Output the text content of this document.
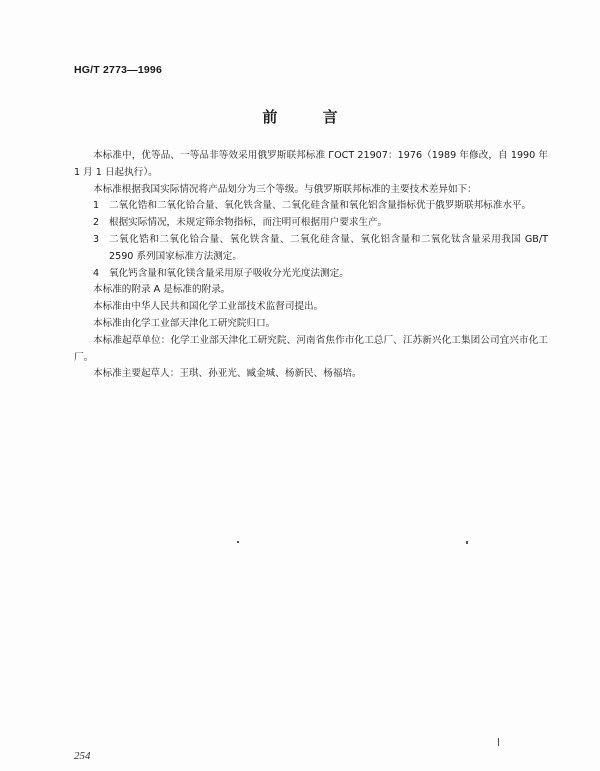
HG/T 2773—1996
前 言

本标准中，优等品、一等品非等效采用俄罗斯联邦标准 ГОСТ 21907：1976（1989 年修改，自 1990 年 1 月 1 日起执行）。

本标准根据我国实际情况将产品划分为三个等级。与俄罗斯联邦标准的主要技术差异如下：

1	二氧化锆和二氧化铪合量、氧化铁含量、二氧化硅含量和氧化铝含量指标优于俄罗斯联邦标准水平。
2	根据实际情况，未规定筛余物指标，而注明可根据用户要求生产。
3	二氧化锆和二氧化铪合量、氧化铁含量、二氧化硅含量、氧化铝含量和二氧化钛含量采用我国 GB/T 2590 系列国家标准方法测定。
4	氧化钙含量和氧化镁含量采用原子吸收分光光度法测定。

本标准的附录 A 是标准的附录。

本标准由中华人民共和国化学工业部技术监督司提出。

本标准由化学工业部天津化工研究院归口。

本标准起草单位：化学工业部天津化工研究院、河南省焦作市化工总厂、江苏新兴化工集团公司宜兴市化工厂。

本标准主要起草人：王琪、孙亚光、臧金城、杨新民、杨福培。

254
